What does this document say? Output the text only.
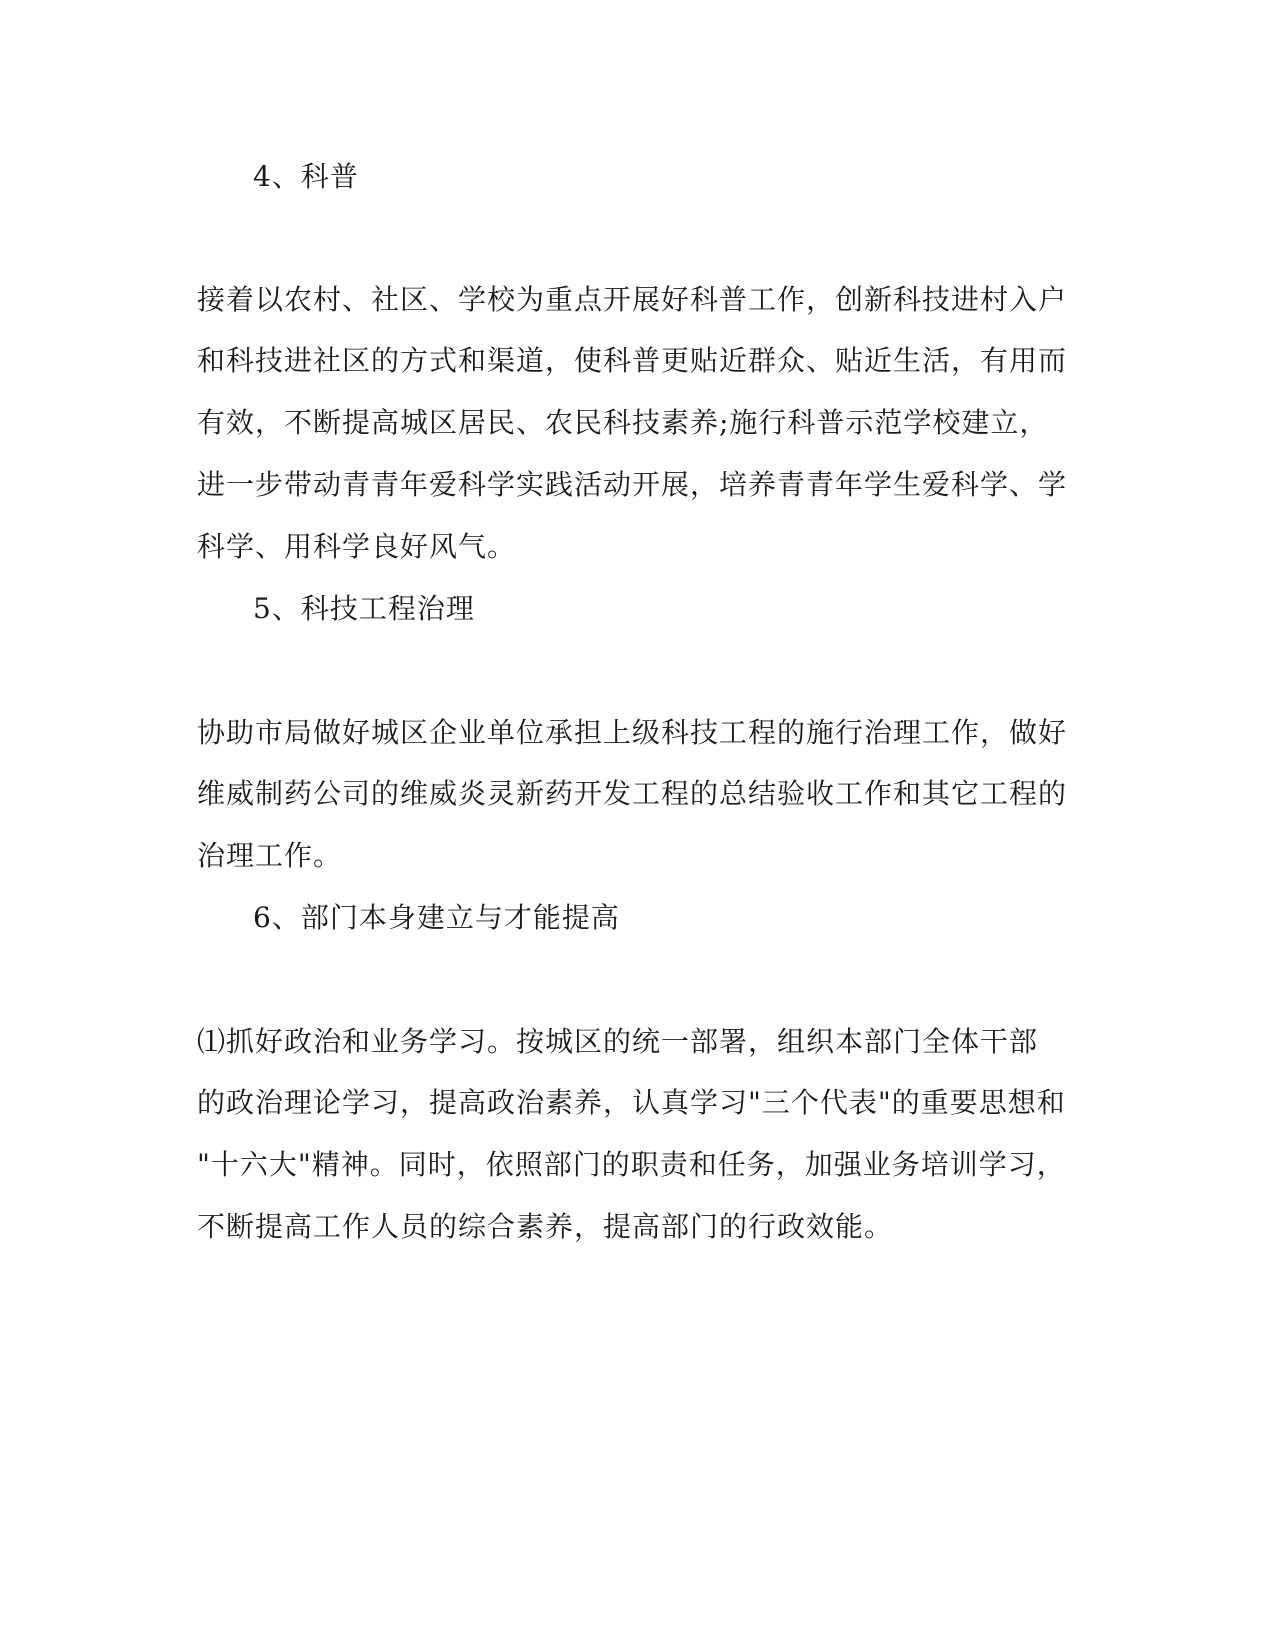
4、科普
接着以农村、社区、学校为重点开展好科普工作，创新科技进村入户
和科技进社区的方式和渠道，使科普更贴近群众、贴近生活，有用而
有效，不断提高城区居民、农民科技素养;施行科普示范学校建立，
进一步带动青青年爱科学实践活动开展，培养青青年学生爱科学、学
科学、用科学良好风气。
5、科技工程治理
协助市局做好城区企业单位承担上级科技工程的施行治理工作，做好
维威制药公司的维威炎灵新药开发工程的总结验收工作和其它工程的
治理工作。
6、部门本身建立与才能提高
⑴抓好政治和业务学习。按城区的统一部署，组织本部门全体干部
的政治理论学习，提高政治素养，认真学习"三个代表"的重要思想和
"十六大"精神。同时，依照部门的职责和任务，加强业务培训学习，
不断提高工作人员的综合素养，提高部门的行政效能。
